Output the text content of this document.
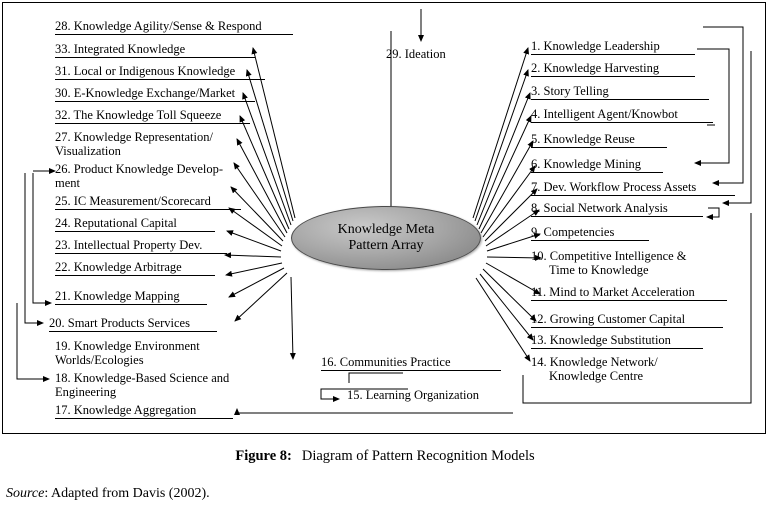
28. Knowledge Agility/Sense & Respond
33. Integrated Knowledge
31. Local or Indigenous Knowledge
30. E-Knowledge Exchange/Market
32. The Knowledge Toll Squeeze
27. Knowledge Representation/
Visualization
26. Product Knowledge Develop-
ment
25. IC Measurement/Scorecard
24. Reputational Capital
23. Intellectual Property Dev.
22. Knowledge Arbitrage
21. Knowledge Mapping
20. Smart Products Services
19. Knowledge Environment
Worlds/Ecologies
18. Knowledge-Based Science and
Engineering
17. Knowledge Aggregation
29. Ideation
16. Communities Practice
15. Learning Organization
1. Knowledge Leadership
2. Knowledge Harvesting
3. Story Telling
4. Intelligent Agent/Knowbot
5. Knowledge Reuse
6. Knowledge Mining
7. Dev. Workflow Process Assets
8. Social Network Analysis
9. Competencies
10. Competitive Intelligence &
Time to Knowledge
11. Mind to Market Acceleration
12. Growing Customer Capital
13. Knowledge Substitution
14. Knowledge Network/
Knowledge Centre
Knowledge Meta
Pattern Array
Figure 8: Diagram of Pattern Recognition Models
Source: Adapted from Davis (2002).
